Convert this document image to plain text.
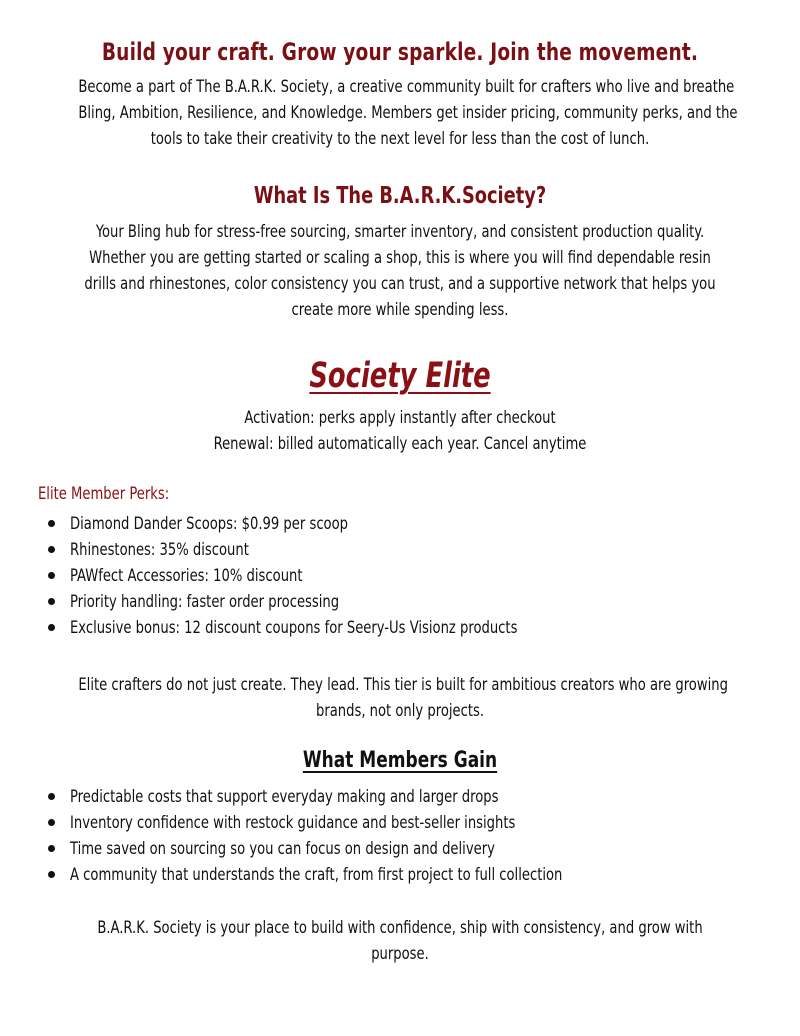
Build your craft. Grow your sparkle. Join the movement.
Become a part of The B.A.R.K. Society, a creative community built for crafters who live and breathe
Bling, Ambition, Resilience, and Knowledge. Members get insider pricing, community perks, and the
tools to take their creativity to the next level for less than the cost of lunch.
What Is The B.A.R.K.Society?
Your Bling hub for stress-free sourcing, smarter inventory, and consistent production quality.
Whether you are getting started or scaling a shop, this is where you will find dependable resin
drills and rhinestones, color consistency you can trust, and a supportive network that helps you
create more while spending less.
Society Elite
Activation: perks apply instantly after checkout
Renewal: billed automatically each year. Cancel anytime
Elite Member Perks:
Diamond Dander Scoops: $0.99 per scoop
Rhinestones: 35% discount
PAWfect Accessories: 10% discount
Priority handling: faster order processing
Exclusive bonus: 12 discount coupons for Seery-Us Visionz products
Elite crafters do not just create. They lead. This tier is built for ambitious creators who are growing
brands, not only projects.
What Members Gain
Predictable costs that support everyday making and larger drops
Inventory confidence with restock guidance and best-seller insights
Time saved on sourcing so you can focus on design and delivery
A community that understands the craft, from first project to full collection
B.A.R.K. Society is your place to build with confidence, ship with consistency, and grow with
purpose.
